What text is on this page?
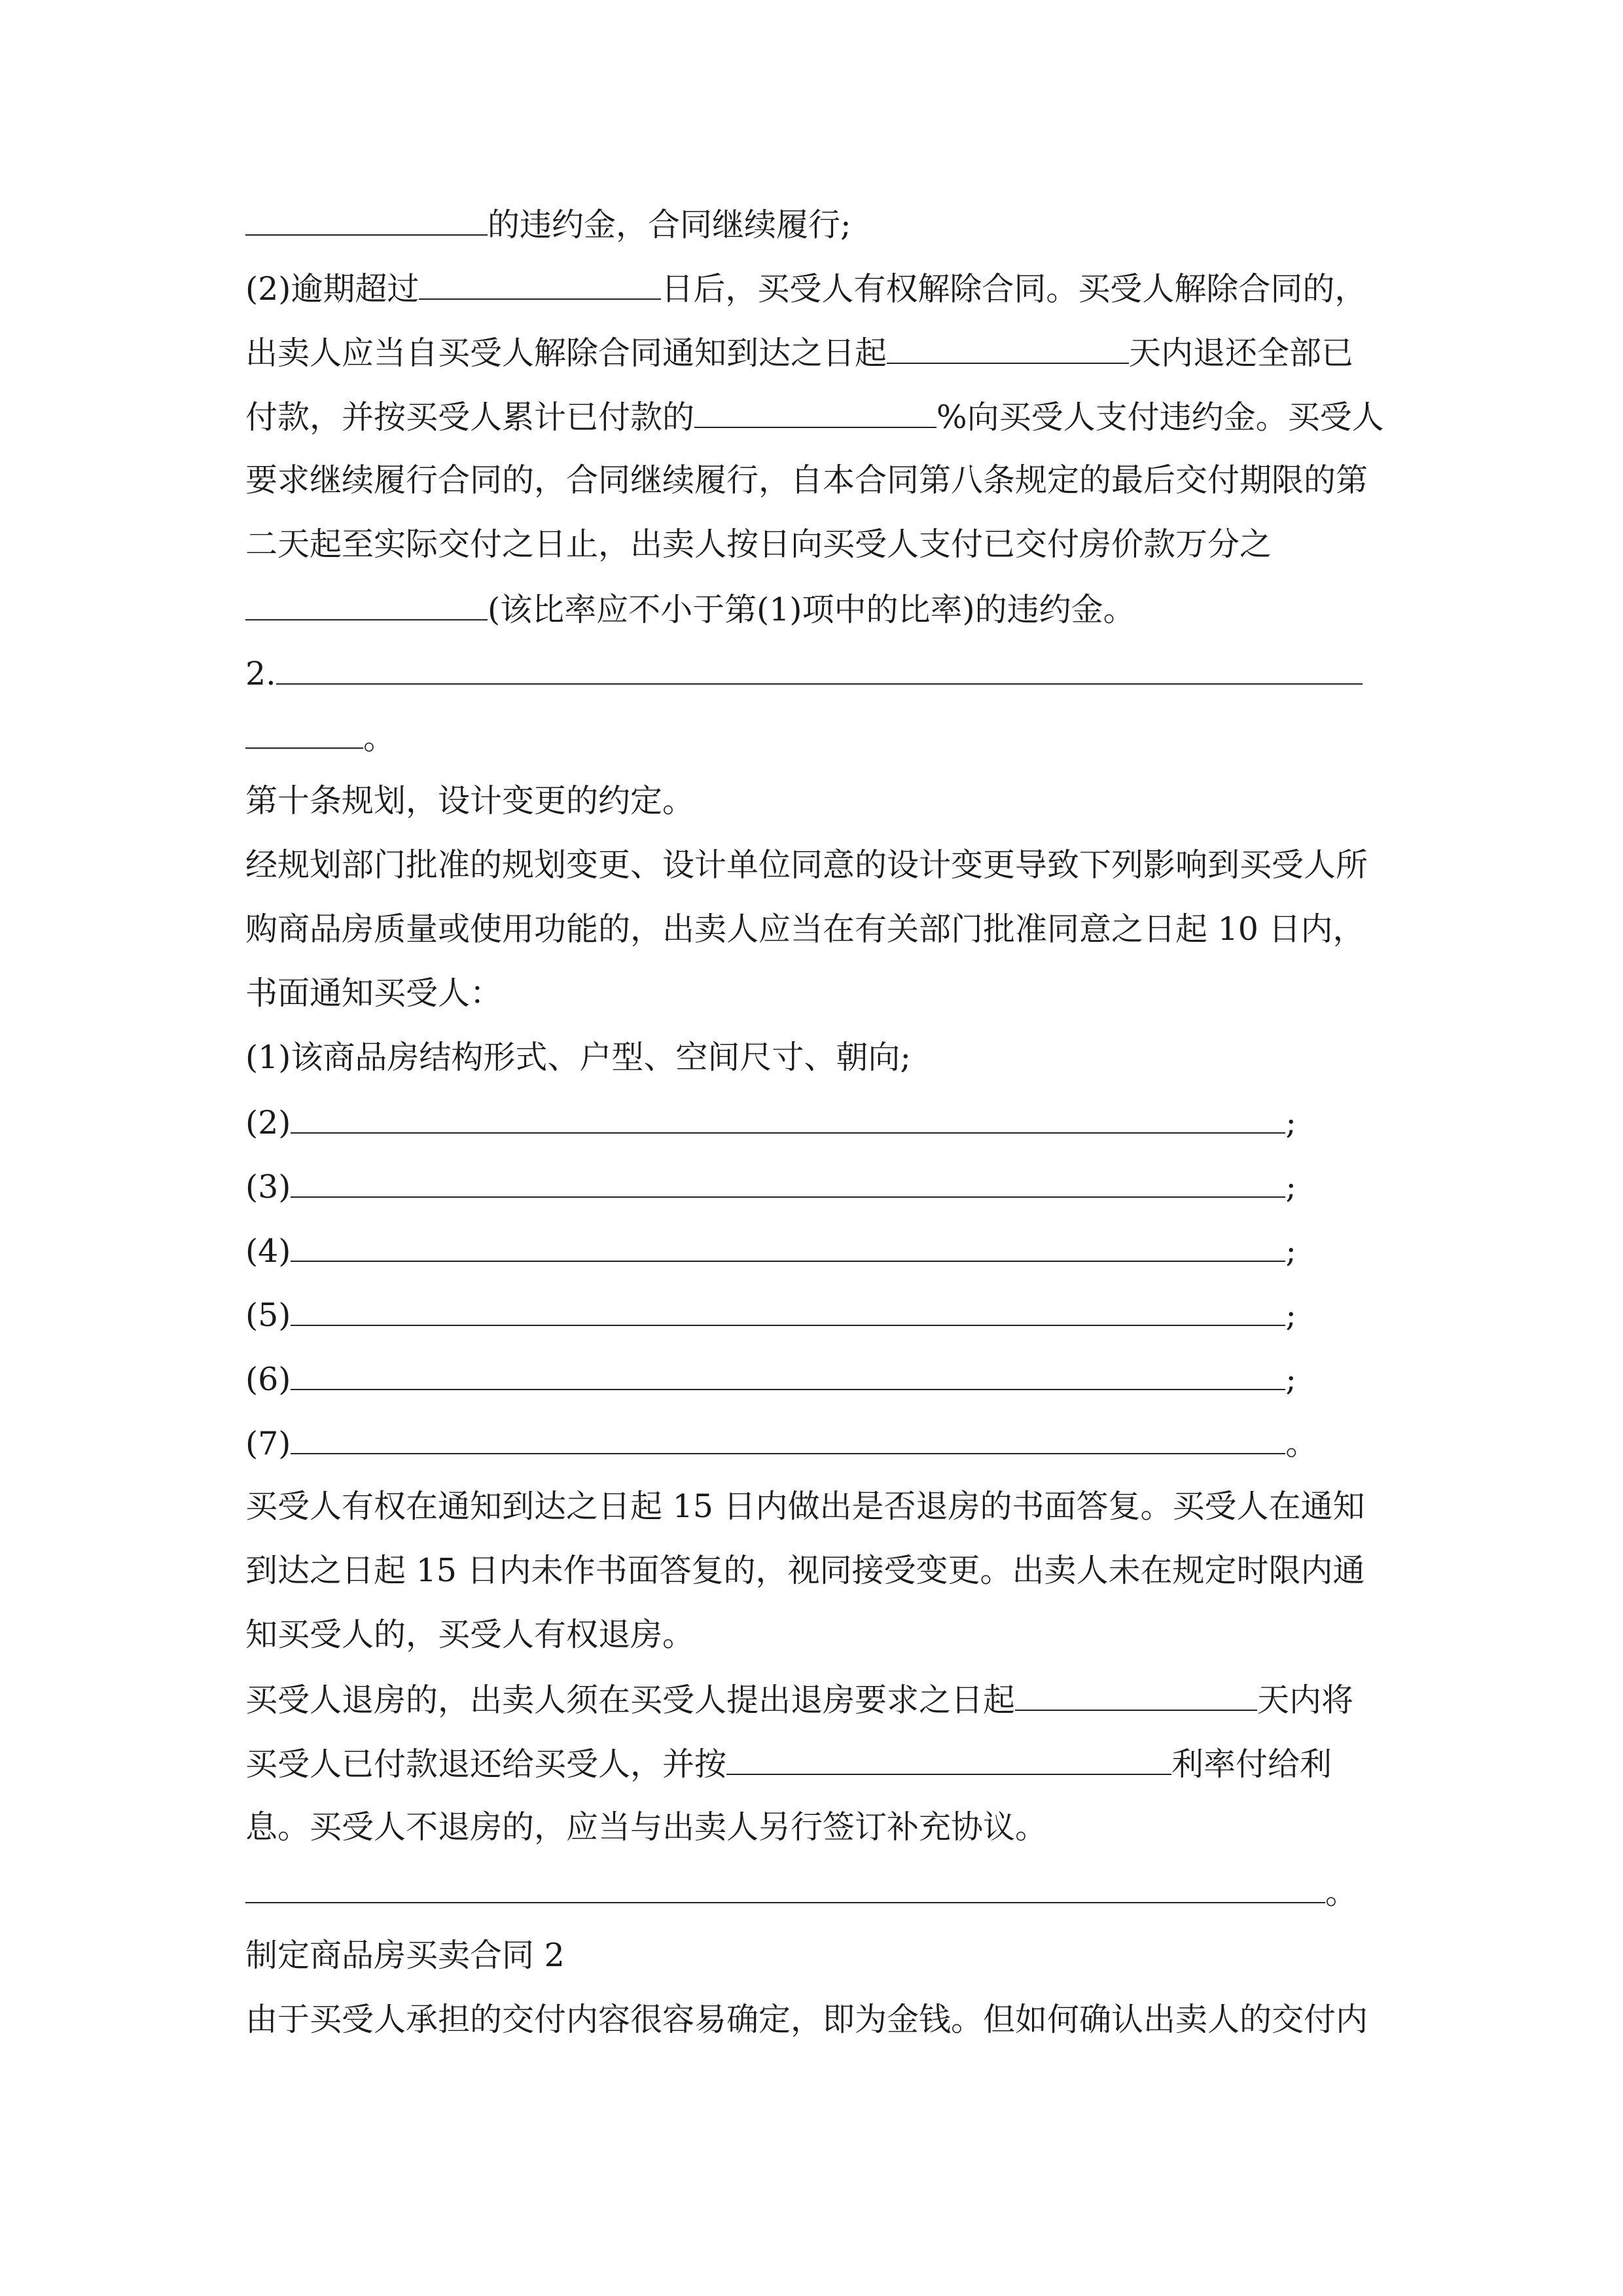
的违约金，合同继续履行;
(2)逾期超过	日后，买受人有权解除合同。买受人解除合同的，
出卖人应当自买受人解除合同通知到达之日起	天内退还全部已
付款，并按买受人累计已付款的	%向买受人支付违约金。买受人
要求继续履行合同的，合同继续履行，自本合同第八条规定的最后交付期限的第
二天起至实际交付之日止，出卖人按日向买受人支付已交付房价款万分之
(该比率应不小于第(1)项中的比率)的违约金。
2.
。
第十条规划，设计变更的约定。
经规划部门批准的规划变更、设计单位同意的设计变更导致下列影响到买受人所
购商品房质量或使用功能的，出卖人应当在有关部门批准同意之日起 10 日内，
书面通知买受人：
(1)该商品房结构形式、户型、空间尺寸、朝向;
(2)	;
(3)	;
(4)	;
(5)	;
(6)	;
(7)	。
买受人有权在通知到达之日起 15 日内做出是否退房的书面答复。买受人在通知
到达之日起 15 日内未作书面答复的，视同接受变更。出卖人未在规定时限内通
知买受人的，买受人有权退房。
买受人退房的，出卖人须在买受人提出退房要求之日起	天内将
买受人已付款退还给买受人，并按	利率付给利
息。买受人不退房的，应当与出卖人另行签订补充协议。
。
制定商品房买卖合同 2
由于买受人承担的交付内容很容易确定，即为金钱。但如何确认出卖人的交付内
